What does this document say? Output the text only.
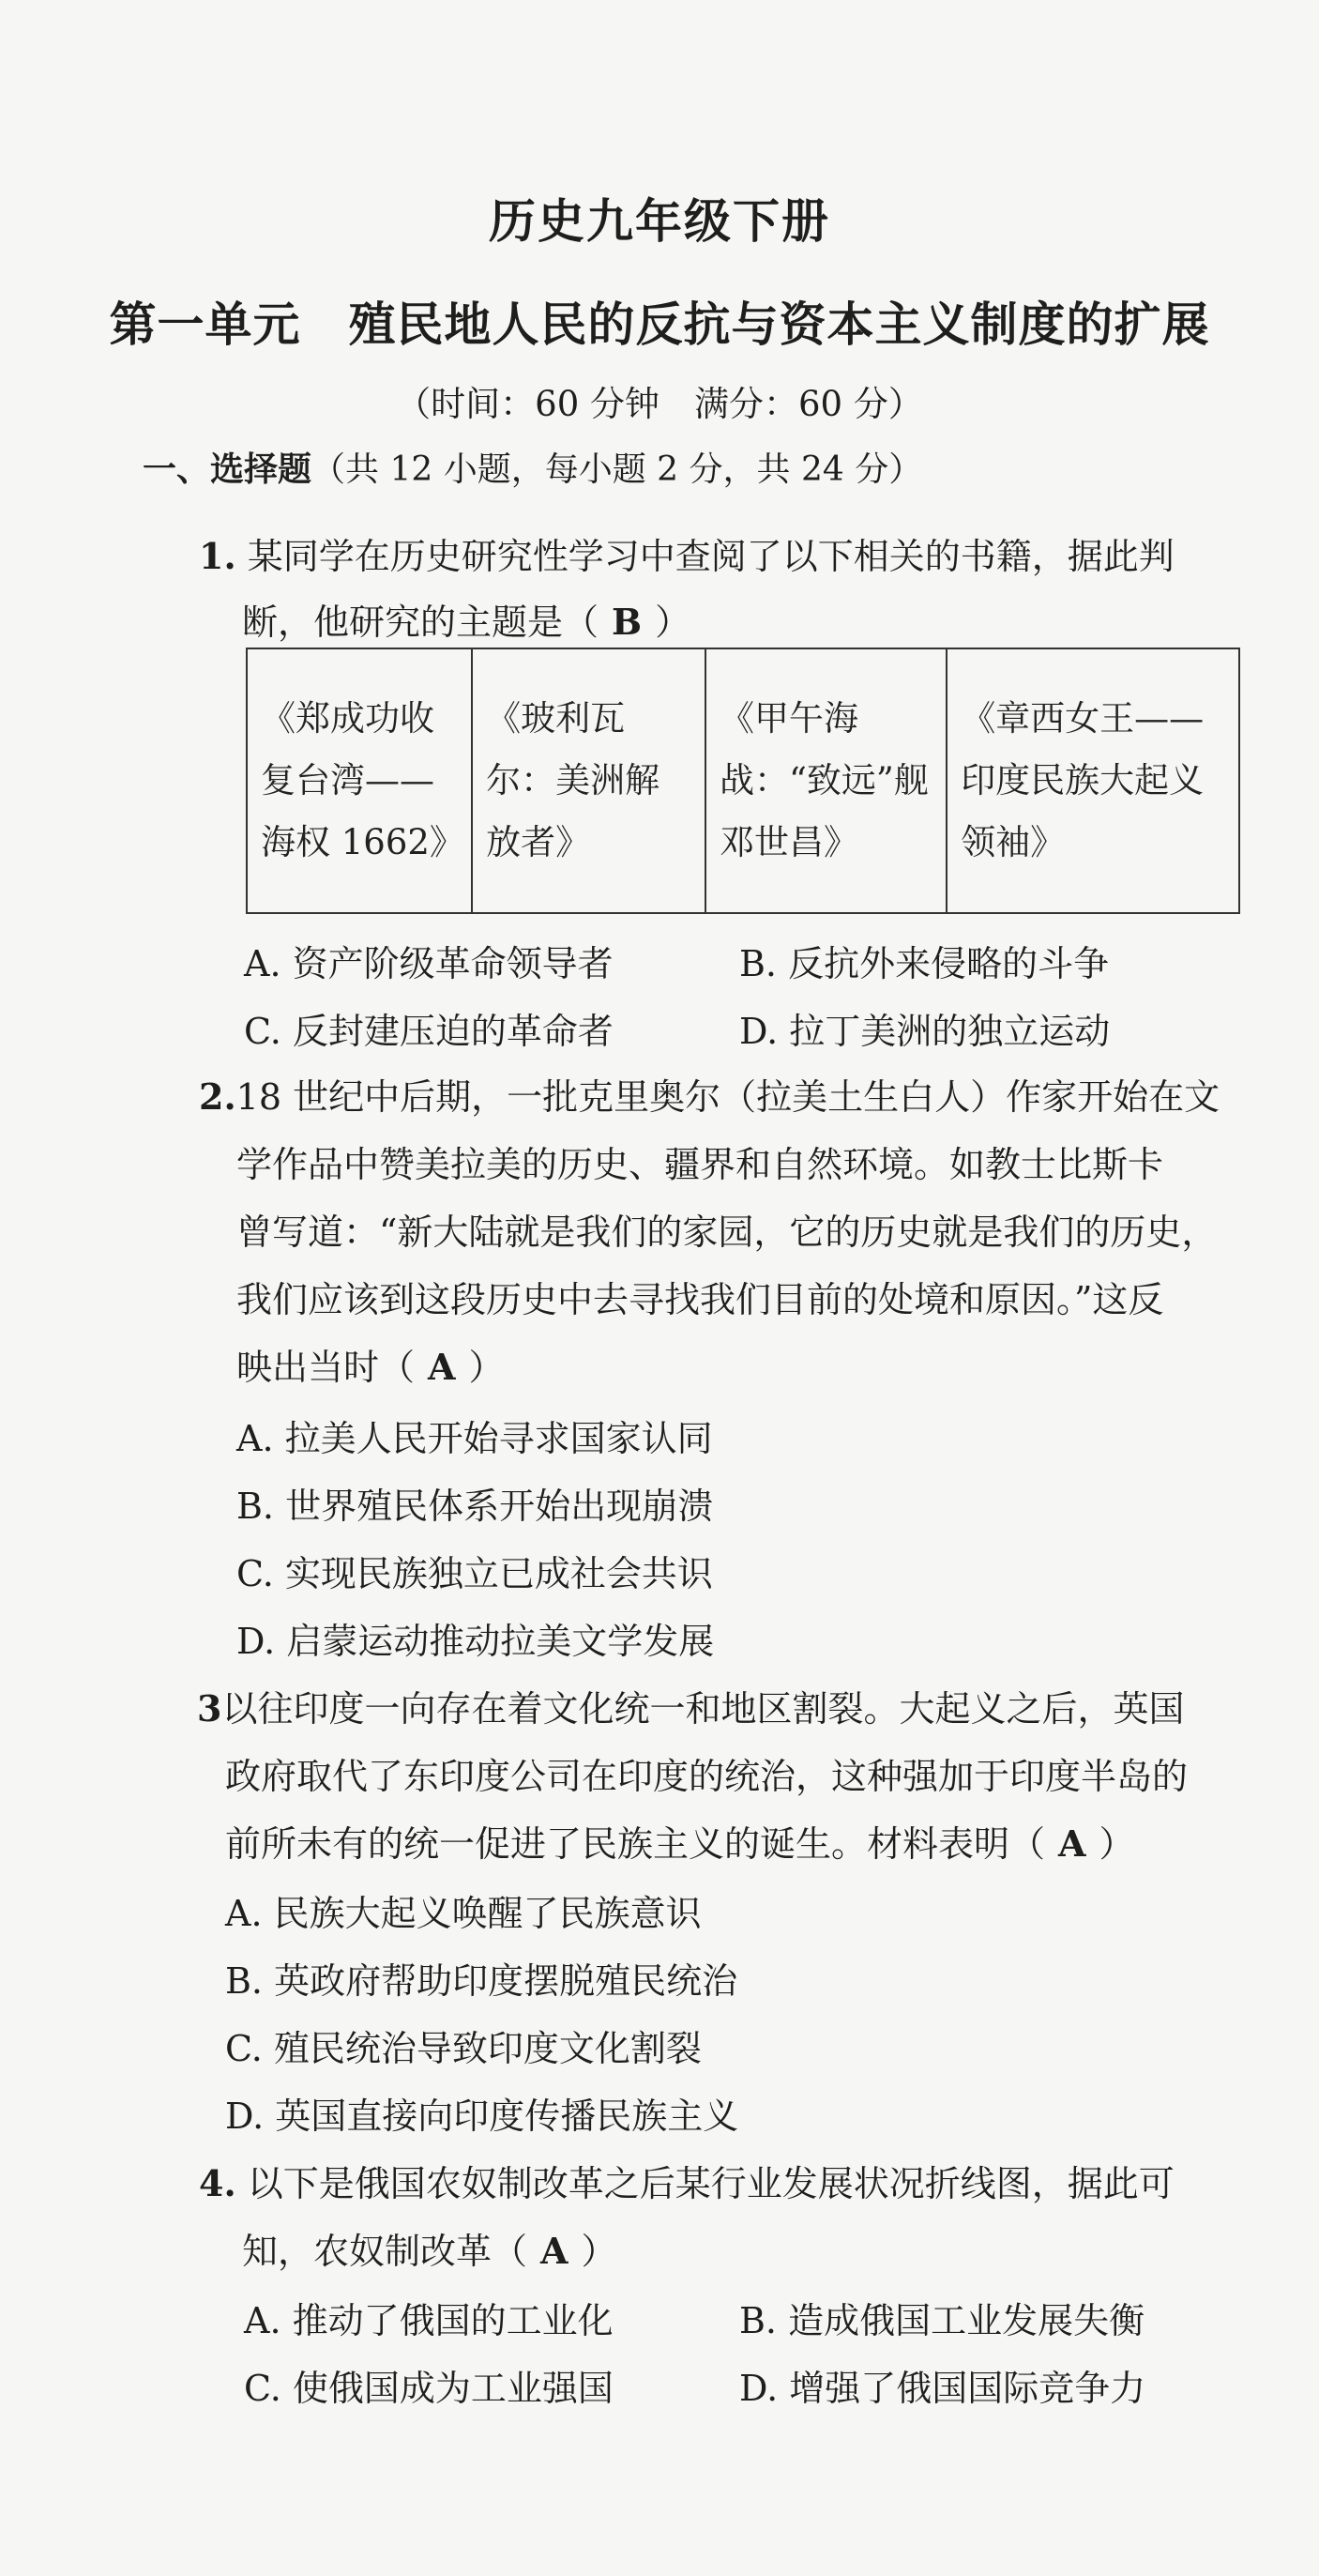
历史九年级下册
第一单元　殖民地人民的反抗与资本主义制度的扩展
（时间：60 分钟　满分：60 分）
一、选择题（共 12 小题，每小题 2 分，共 24 分）
1. 某同学在历史研究性学习中查阅了以下相关的书籍，据此判
断，他研究的主题是（ B ）
《郑成功收复台湾——海权 1662》	《玻利瓦尔：美洲解放者》	《甲午海战：“致远”舰邓世昌》	《章西女王——印度民族大起义领袖》
A. 资产阶级革命领导者	B. 反抗外来侵略的斗争
C. 反封建压迫的革命者	D. 拉丁美洲的独立运动
2.18 世纪中后期，一批克里奥尔（拉美土生白人）作家开始在文
学作品中赞美拉美的历史、疆界和自然环境。如教士比斯卡
曾写道：“新大陆就是我们的家园，它的历史就是我们的历史，
我们应该到这段历史中去寻找我们目前的处境和原因。”这反
映出当时（ A ）
A. 拉美人民开始寻求国家认同
B. 世界殖民体系开始出现崩溃
C. 实现民族独立已成社会共识
D. 启蒙运动推动拉美文学发展
3以往印度一向存在着文化统一和地区割裂。大起义之后，英国
政府取代了东印度公司在印度的统治，这种强加于印度半岛的
前所未有的统一促进了民族主义的诞生。材料表明（ A ）
A. 民族大起义唤醒了民族意识
B. 英政府帮助印度摆脱殖民统治
C. 殖民统治导致印度文化割裂
D. 英国直接向印度传播民族主义
4. 以下是俄国农奴制改革之后某行业发展状况折线图，据此可
知，农奴制改革（ A ）
A. 推动了俄国的工业化	B. 造成俄国工业发展失衡
C. 使俄国成为工业强国	D. 增强了俄国国际竞争力
